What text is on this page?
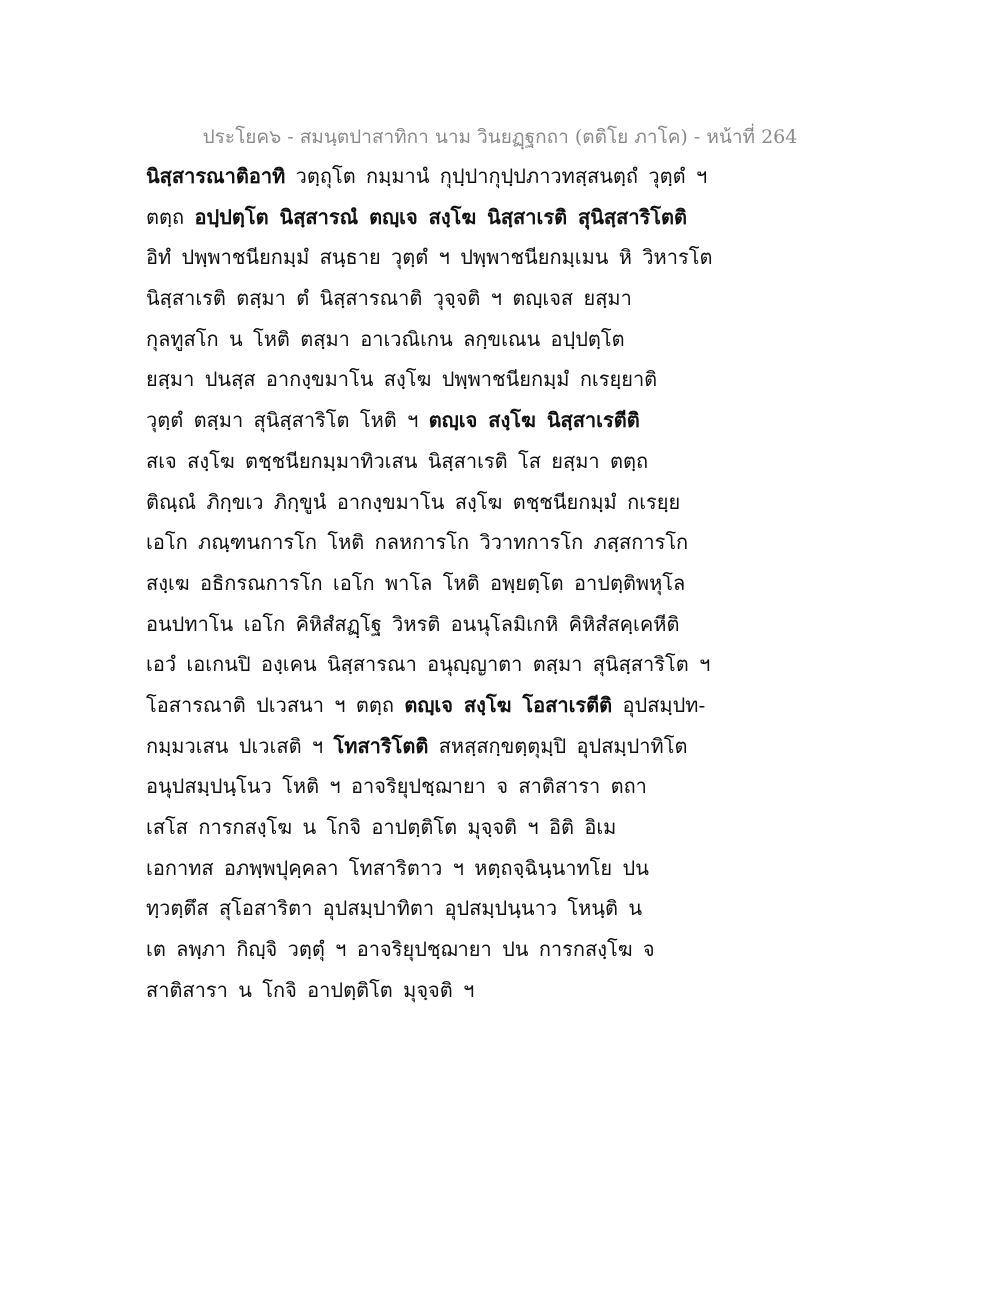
ประโยค๖ - สมนฺตปาสาทิกา นาม วินยฏฺฐกถา (ตติโย ภาโค) - หน้าที่ 264
นิสฺสารณาติอาทิ วตฺถุโต กมฺมานํ กุปฺปากุปฺปภาวทสฺสนตฺถํ วุตฺตํ ฯ
ตตฺถ อปฺปตฺโต นิสฺสารณํ ตญฺเจ สงฺโฆ นิสฺสาเรติ สุนิสฺสาริโตติ
อิทํ ปพฺพาชนียกมฺมํ สนฺธาย วุตฺตํ ฯ ปพฺพาชนียกมฺเมน หิ วิหารโต
นิสฺสาเรติ ตสฺมา ตํ นิสฺสารณาติ วุจฺจติ ฯ ตญฺเจส ยสฺมา
กุลทูสโก น โหติ ตสฺมา อาเวณิเกน ลกฺขเณน อปฺปตฺโต
ยสฺมา ปนสฺส อากงฺขมาโน สงฺโฆ ปพฺพาชนียกมฺมํ กเรยฺยาติ
วุตฺตํ ตสฺมา สุนิสฺสาริโต โหติ ฯ ตญฺเจ สงฺโฆ นิสฺสาเรตีติ
สเจ สงฺโฆ ตชฺชนียกมฺมาทิวเสน นิสฺสาเรติ โส ยสฺมา ตตฺถ
ติณฺณํ ภิกฺขเว ภิกฺขูนํ อากงฺขมาโน สงฺโฆ ตชฺชนียกมฺมํ กเรยฺย
เอโก ภณฺฑนการโก โหติ กลหการโก วิวาทการโก ภสฺสการโก
สงฺเฆ อธิกรณการโก เอโก พาโล โหติ อพฺยตฺโต อาปตฺติพหุโล
อนปทาโน เอโก คิหิสํสฏฺโฐ วิหรติ อนนุโลมิเกหิ คิหิสํสคฺเคหีติ
เอวํ เอเกนปิ องฺเคน นิสฺสารณา อนุญฺญาตา ตสฺมา สุนิสฺสาริโต ฯ
โอสารณาติ ปเวสนา ฯ ตตฺถ ตญฺเจ สงฺโฆ โอสาเรตีติ อุปสมฺปท-
กมฺมวเสน ปเวเสติ ฯ โทสาริโตติ สหสฺสกฺขตฺตุมฺปิ อุปสมฺปาทิโต
อนุปสมฺปนฺโนว โหติ ฯ อาจริยุปชฺฌายา จ สาติสารา ตถา
เสโส การกสงฺโฆ น โกจิ อาปตฺติโต มุจฺจติ ฯ อิติ อิเม
เอกาทส อภพฺพปุคฺคลา โทสาริตาว ฯ หตฺถจฺฉินฺนาทโย ปน
ทฺวตฺตึส สุโอสาริตา อุปสมฺปาทิตา อุปสมฺปนฺนาว โหนฺติ น
เต ลพฺภา กิญฺจิ วตฺตุํ ฯ อาจริยุปชฺฌายา ปน การกสงฺโฆ จ
สาติสารา น โกจิ อาปตฺติโต มุจฺจติ ฯ
